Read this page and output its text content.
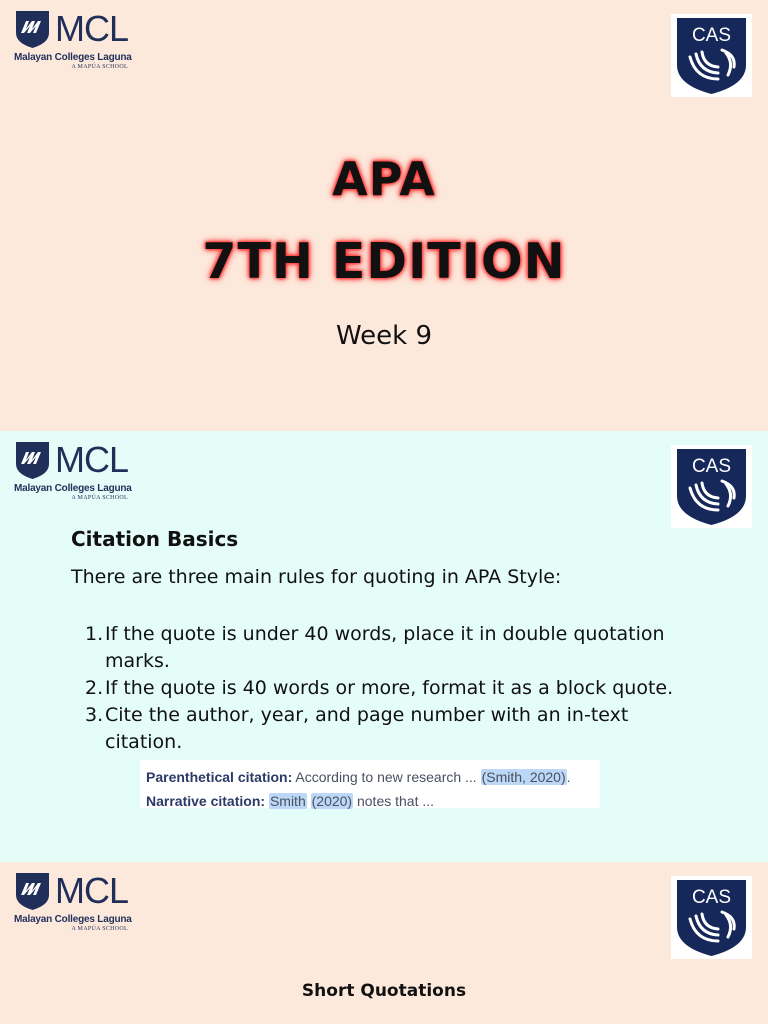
MCL
Malayan Colleges Laguna
A MAPÚA SCHOOL
CAS
APA
7TH EDITION
Week 9
MCL
Malayan Colleges Laguna
A MAPÚA SCHOOL
CAS
Citation Basics
There are three main rules for quoting in APA Style:
1. If the quote is under 40 words, place it in double quotation marks.
2. If the quote is 40 words or more, format it as a block quote.
3. Cite the author, year, and page number with an in-text citation.
Parenthetical citation: According to new research ... (Smith, 2020).
Narrative citation: Smith (2020) notes that ...
MCL
Malayan Colleges Laguna
A MAPÚA SCHOOL
CAS
Short Quotations
